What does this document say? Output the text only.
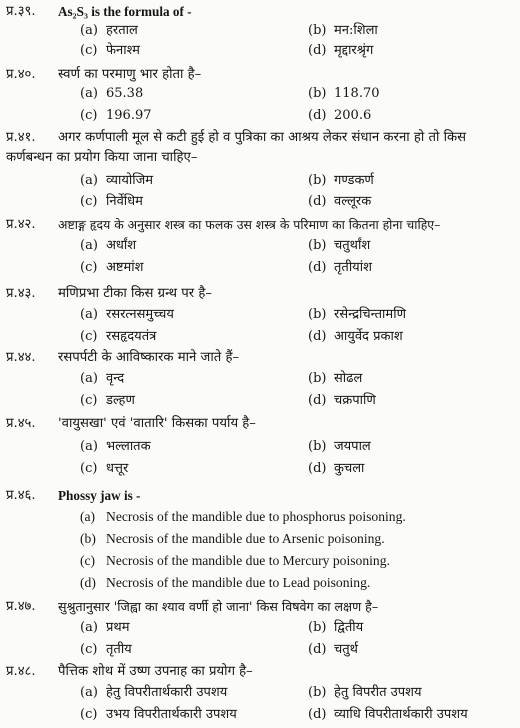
प्र.३९.	As₂S₃ is the formula of -
(a) हरताल	(b) मन:शिला
(c) फेनाश्म	(d) मृद्दारश्रृंग
प्र.४०.	स्वर्ण का परमाणु भार होता है–
(a) 65.38	(b) 118.70
(c) 196.97	(d) 200.6
प्र.४१.	अगर कर्णपाली मूल से कटी हुई हो व पुत्रिका का आश्रय लेकर संधान करना हो तो किस कर्णबन्धन का प्रयोग किया जाना चाहिए–
(a) व्यायोजिम	(b) गण्डकर्ण
(c) निर्वेधिम	(d) वल्लूरक
प्र.४२.	अष्टाङ्ग हृदय के अनुसार शस्त्र का फलक उस शस्त्र के परिमाण का कितना होना चाहिए–
(a) अर्धांश	(b) चतुर्थांश
(c) अष्टमांश	(d) तृतीयांश
प्र.४३.	मणिप्रभा टीका किस ग्रन्थ पर है–
(a) रसरत्नसमुच्चय	(b) रसेन्द्रचिन्तामणि
(c) रसहृदयतंत्र	(d) आयुर्वेद प्रकाश
प्र.४४.	रसपर्पटी के आविष्कारक माने जाते हैं–
(a) वृन्द	(b) सोढल
(c) डल्हण	(d) चक्रपाणि
प्र.४५.	'वायुसखा' एवं 'वातारि' किसका पर्याय है–
(a) भल्लातक	(b) जयपाल
(c) धत्तूर	(d) कुचला
प्र.४६.	Phossy jaw is -
(a) Necrosis of the mandible due to phosphorus poisoning.
(b) Necrosis of the mandible due to Arsenic poisoning.
(c) Necrosis of the mandible due to Mercury poisoning.
(d) Necrosis of the mandible due to Lead poisoning.
प्र.४७.	सुश्रुतानुसार 'जिह्वा का श्याव वर्णी हो जाना' किस विषवेग का लक्षण है–
(a) प्रथम	(b) द्वितीय
(c) तृतीय	(d) चतुर्थ
प्र.४८.	पैत्तिक शोथ में उष्ण उपनाह का प्रयोग है–
(a) हेतु विपरीतार्थकारी उपशय	(b) हेतु विपरीत उपशय
(c) उभय विपरीतार्थकारी उपशय	(d) व्याधि विपरीतार्थकारी उपशय
